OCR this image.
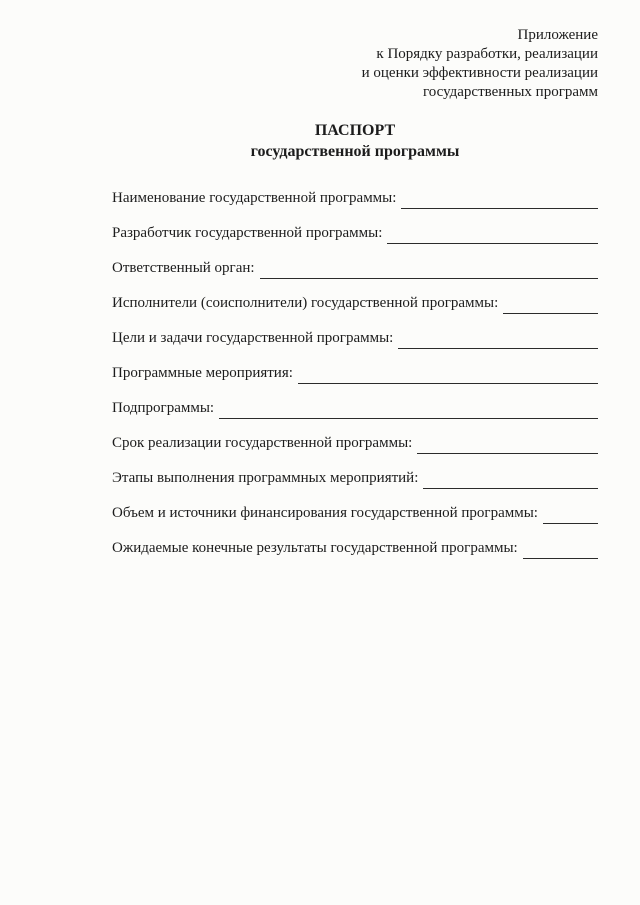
Приложение
к Порядку разработки, реализации
и оценки эффективности реализации
государственных программ
ПАСПОРТ
государственной программы
Наименование государственной программы:
Разработчик государственной программы:
Ответственный орган:
Исполнители (соисполнители) государственной программы:
Цели и задачи государственной программы:
Программные мероприятия:
Подпрограммы:
Срок реализации государственной программы:
Этапы выполнения программных мероприятий:
Объем и источники финансирования государственной программы:
Ожидаемые конечные результаты государственной программы:
